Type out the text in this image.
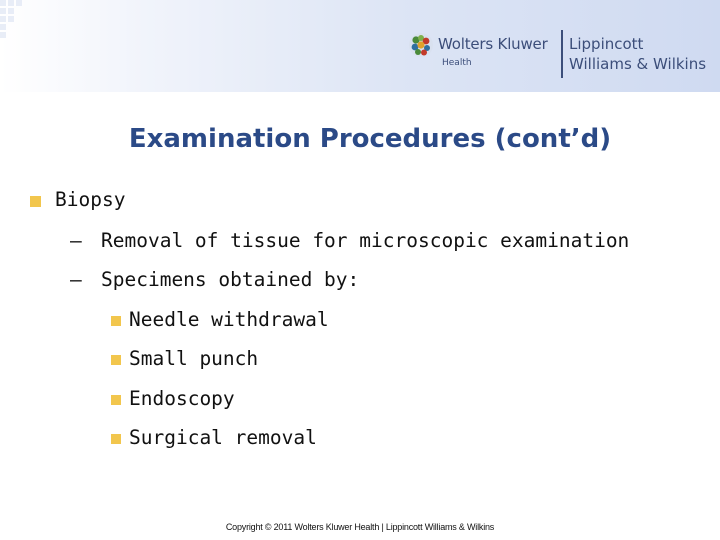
Wolters Kluwer
Health
Lippincott
Williams & Wilkins
Examination Procedures (cont’d)
Biopsy
– Removal of tissue for microscopic examination
– Specimens obtained by:
Needle withdrawal
Small punch
Endoscopy
Surgical removal
Copyright © 2011 Wolters Kluwer Health | Lippincott Williams & Wilkins
